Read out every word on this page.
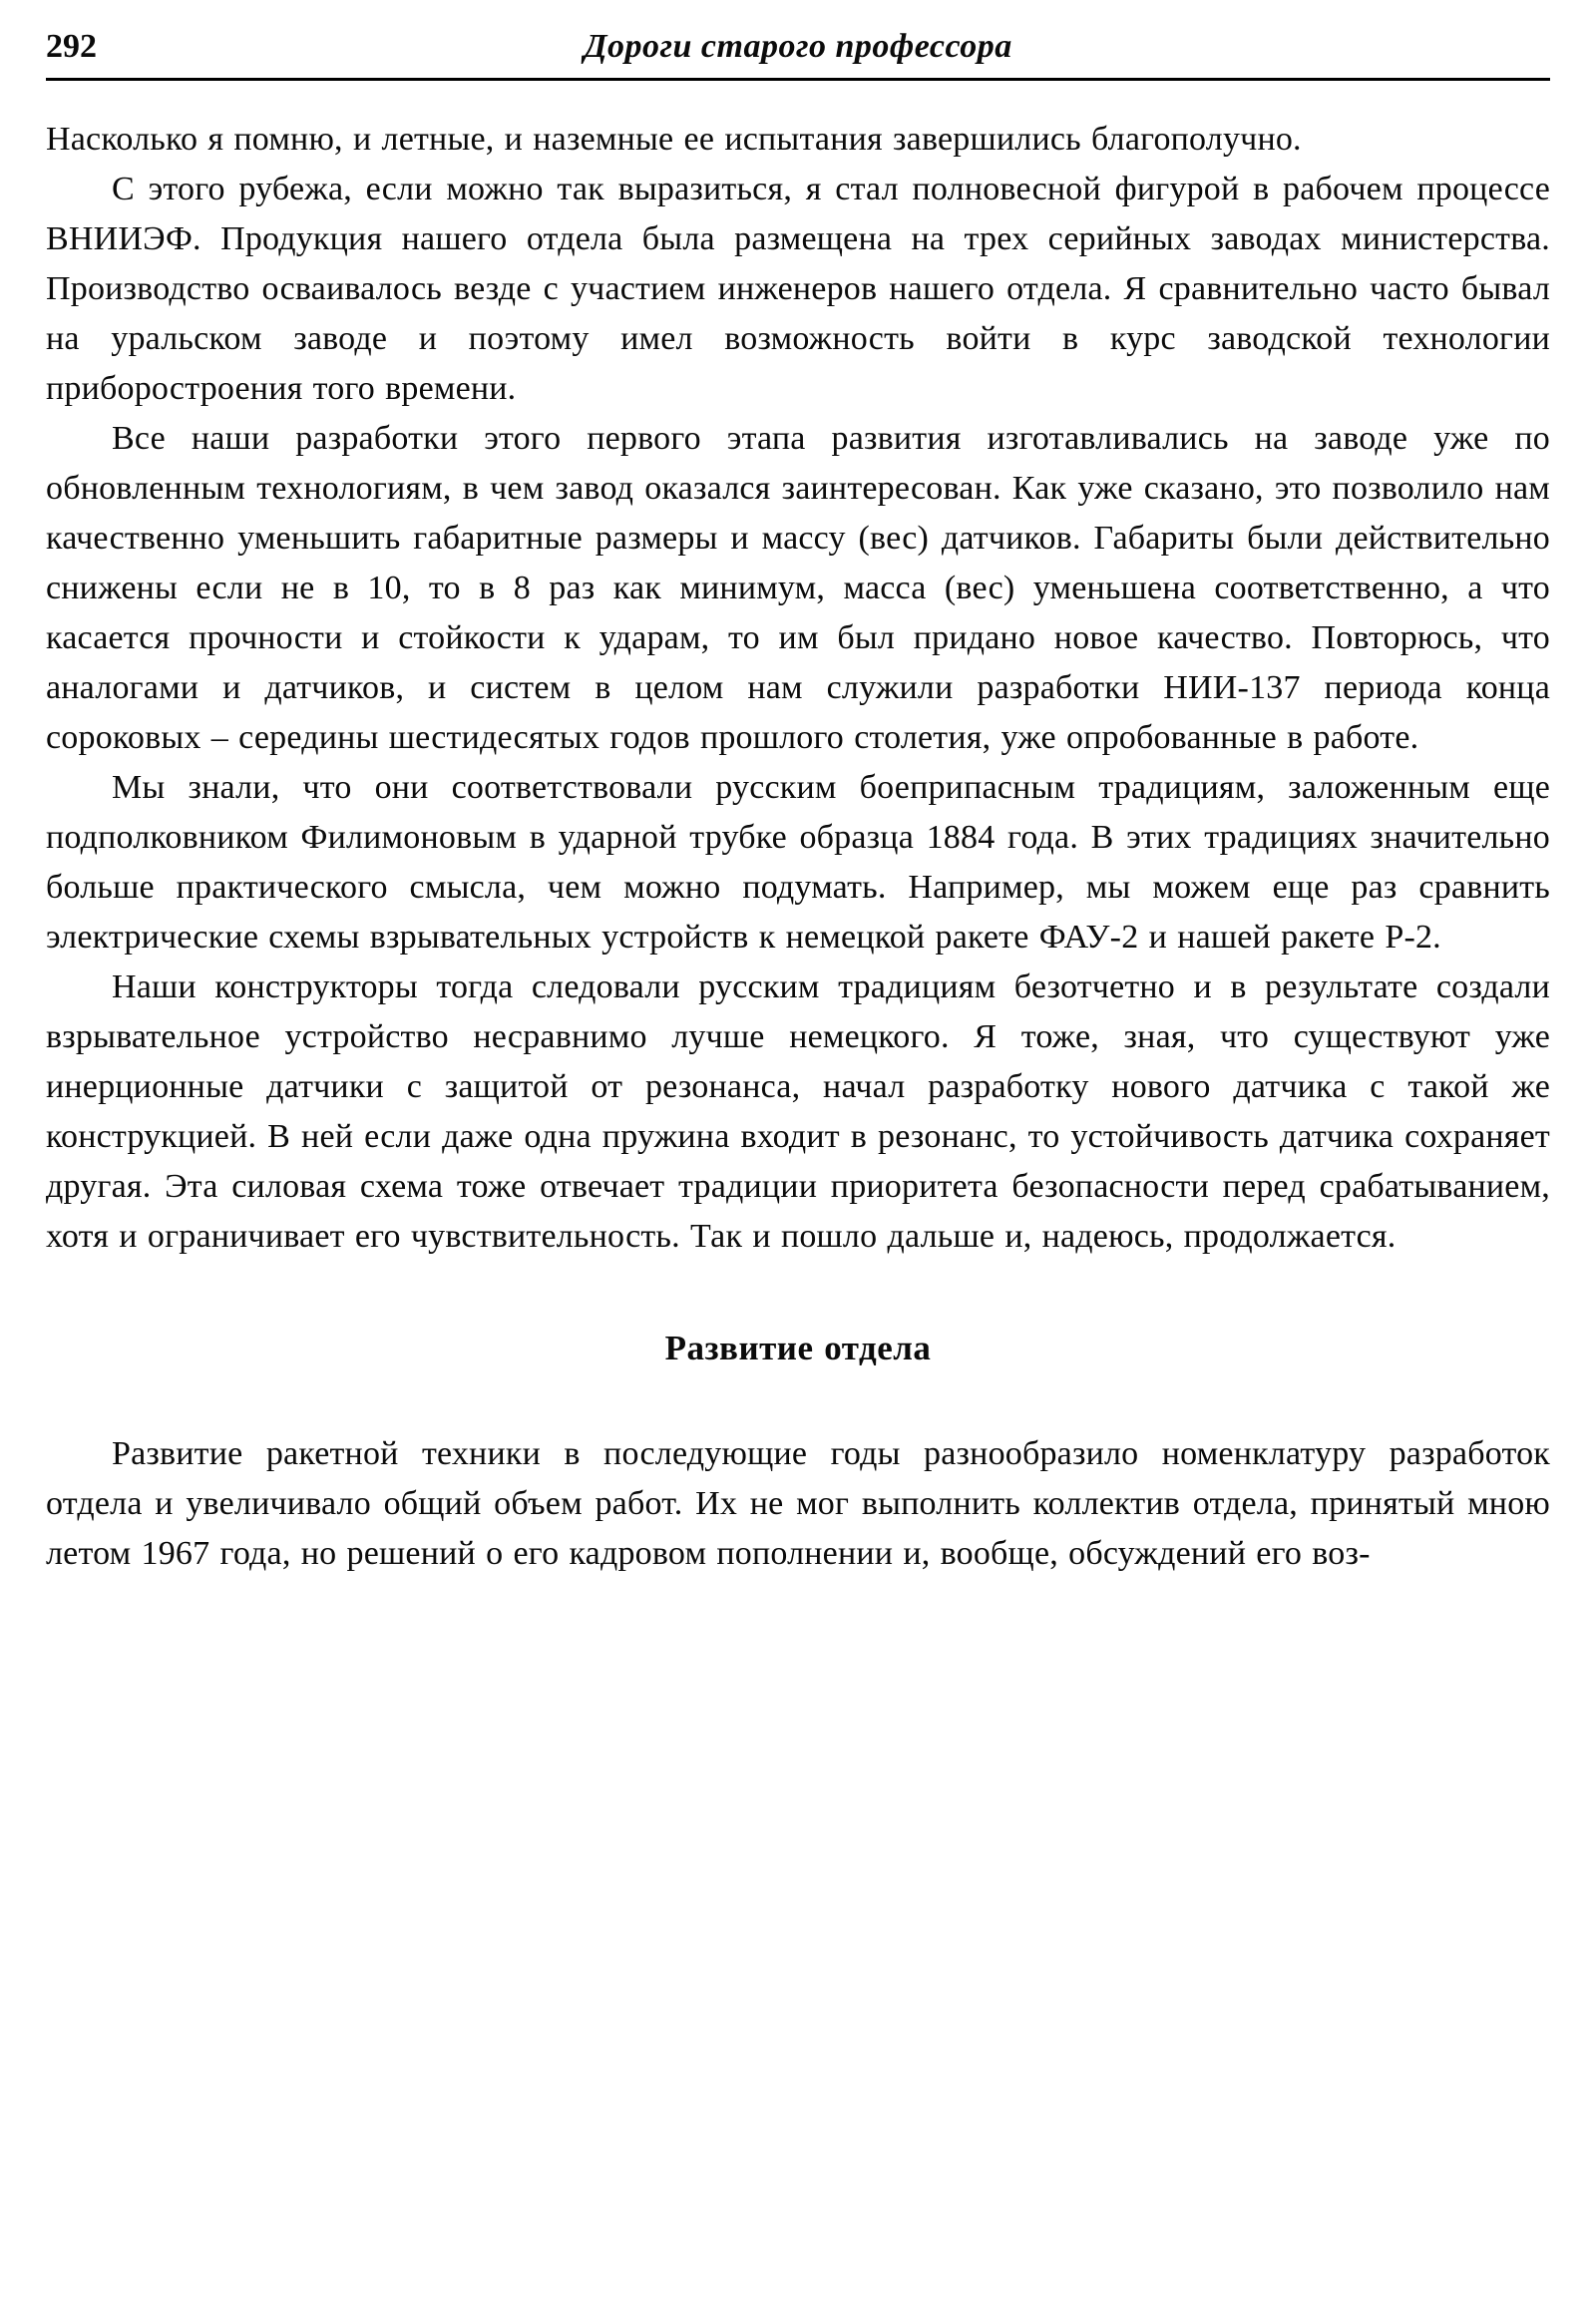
292	Дороги старого профессора

Насколько я помню, и летные, и наземные ее испытания завершились благополучно.

С этого рубежа, если можно так выразиться, я стал полновесной фигурой в рабочем процессе ВНИИЭФ. Продукция нашего отдела была размещена на трех серийных заводах министерства. Производство осваивалось везде с участием инженеров нашего отдела. Я сравнительно часто бывал на уральском заводе и поэтому имел возможность войти в курс заводской технологии приборостроения того времени.

Все наши разработки этого первого этапа развития изготавливались на заводе уже по обновленным технологиям, в чем завод оказался заинтересован. Как уже сказано, это позволило нам качественно уменьшить габаритные размеры и массу (вес) датчиков. Габариты были действительно снижены если не в 10, то в 8 раз как минимум, масса (вес) уменьшена соответственно, а что касается прочности и стойкости к ударам, то им был придано новое качество. Повторюсь, что аналогами и датчиков, и систем в целом нам служили разработки НИИ-137 периода конца сороковых – середины шестидесятых годов прошлого столетия, уже опробованные в работе.

Мы знали, что они соответствовали русским боеприпасным традициям, заложенным еще подполковником Филимоновым в ударной трубке образца 1884 года. В этих традициях значительно больше практического смысла, чем можно подумать. Например, мы можем еще раз сравнить электрические схемы взрывательных устройств к немецкой ракете ФАУ-2 и нашей ракете Р-2.

Наши конструкторы тогда следовали русским традициям безотчетно и в результате создали взрывательное устройство несравнимо лучше немецкого. Я тоже, зная, что существуют уже инерционные датчики с защитой от резонанса, начал разработку нового датчика с такой же конструкцией. В ней если даже одна пружина входит в резонанс, то устойчивость датчика сохраняет другая. Эта силовая схема тоже отвечает традиции приоритета безопасности перед срабатыванием, хотя и ограничивает его чувствительность. Так и пошло дальше и, надеюсь, продолжается.

Развитие отдела

Развитие ракетной техники в последующие годы разнообразило номенклатуру разработок отдела и увеличивало общий объем работ. Их не мог выполнить коллектив отдела, принятый мною летом 1967 года, но решений о его кадровом пополнении и, вообще, обсуждений его воз-
